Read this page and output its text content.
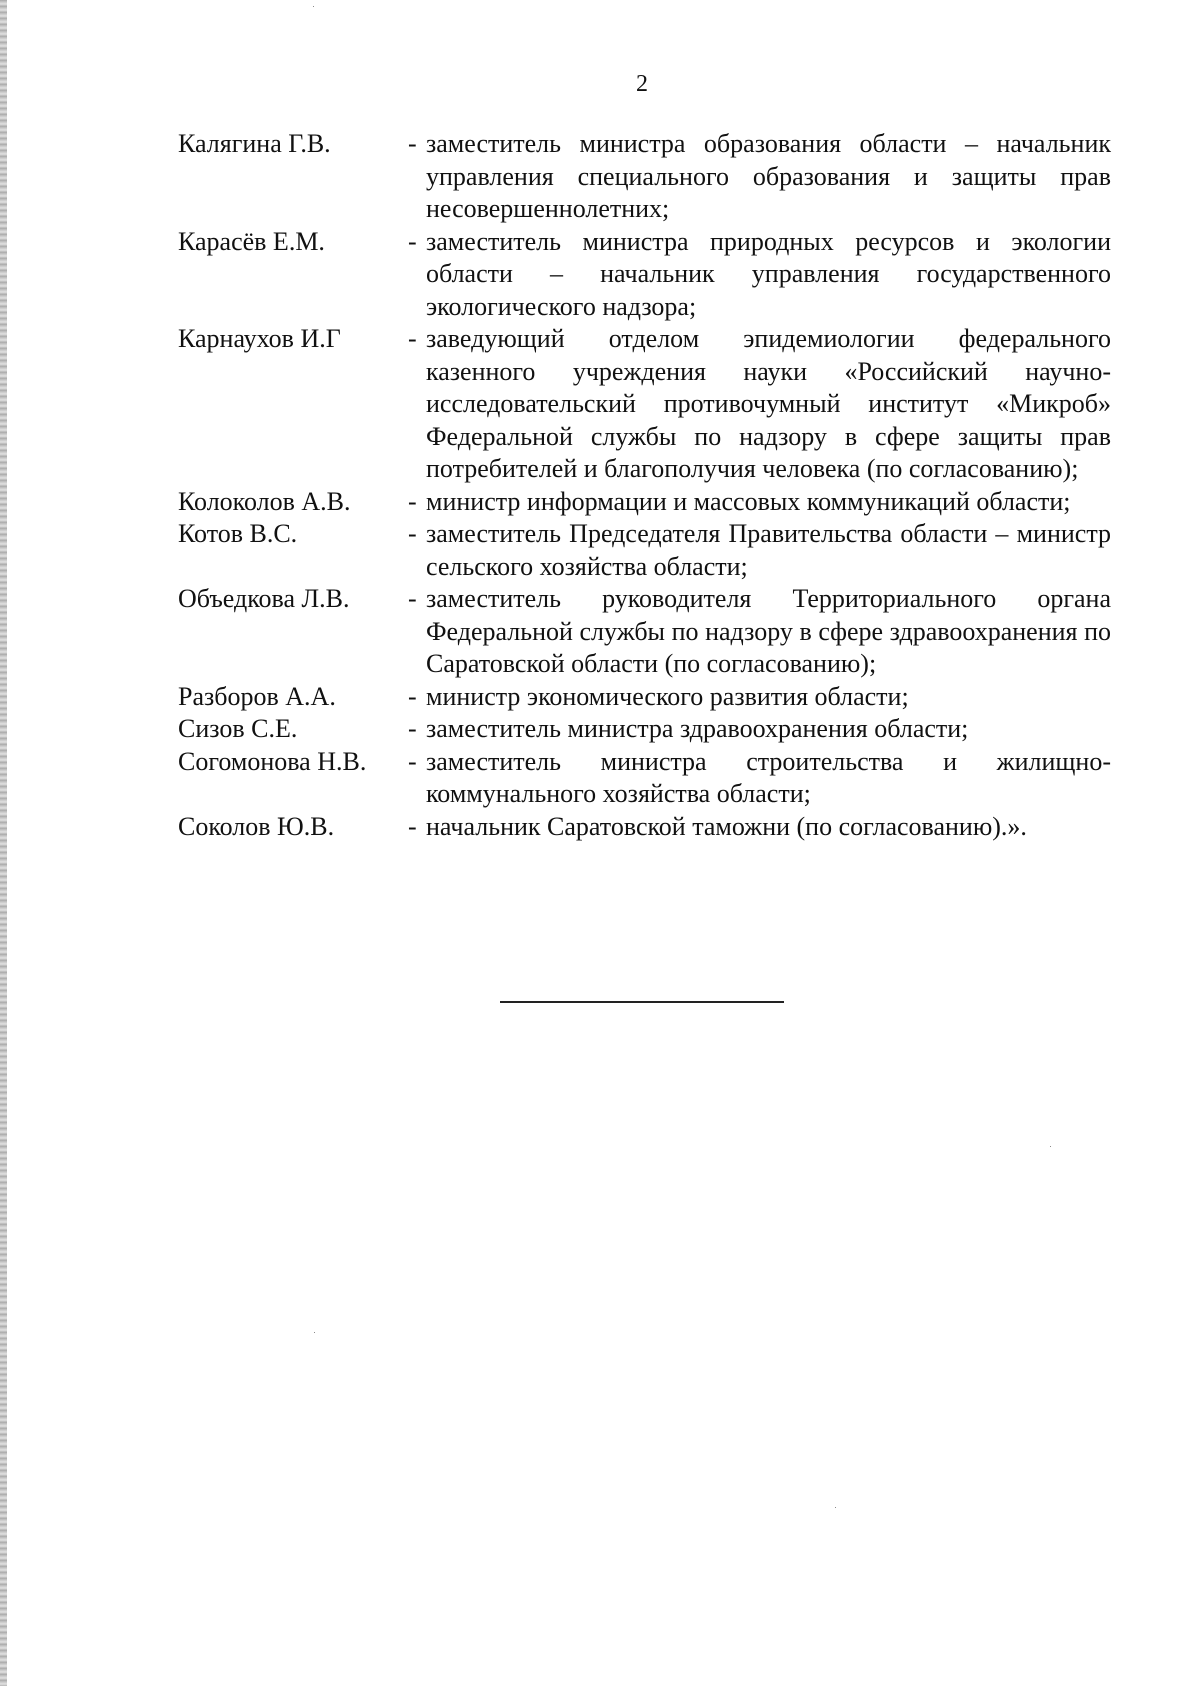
2
Калягина Г.В.	- заместитель министра образования области – начальник управления специального образования и защиты прав несовершеннолетних;
Карасёв Е.М.	- заместитель министра природных ресурсов и экологии области – начальник управления государственного экологического надзора;
Карнаухов И.Г	- заведующий отделом эпидемиологии федерального казенного учреждения науки «Российский научно-исследовательский противочумный институт «Микроб» Федеральной службы по надзору в сфере защиты прав потребителей и благополучия человека (по согласованию);
Колоколов А.В.	- министр информации и массовых коммуникаций области;
Котов В.С.	- заместитель Председателя Правительства области – министр сельского хозяйства области;
Объедкова Л.В.	- заместитель руководителя Территориального органа Федеральной службы по надзору в сфере здравоохранения по Саратовской области (по согласованию);
Разборов А.А.	- министр экономического развития области;
Сизов С.Е.	- заместитель министра здравоохранения области;
Согомонова Н.В.	- заместитель министра строительства и жилищно-коммунального хозяйства области;
Соколов Ю.В.	- начальник Саратовской таможни (по согласованию).».
